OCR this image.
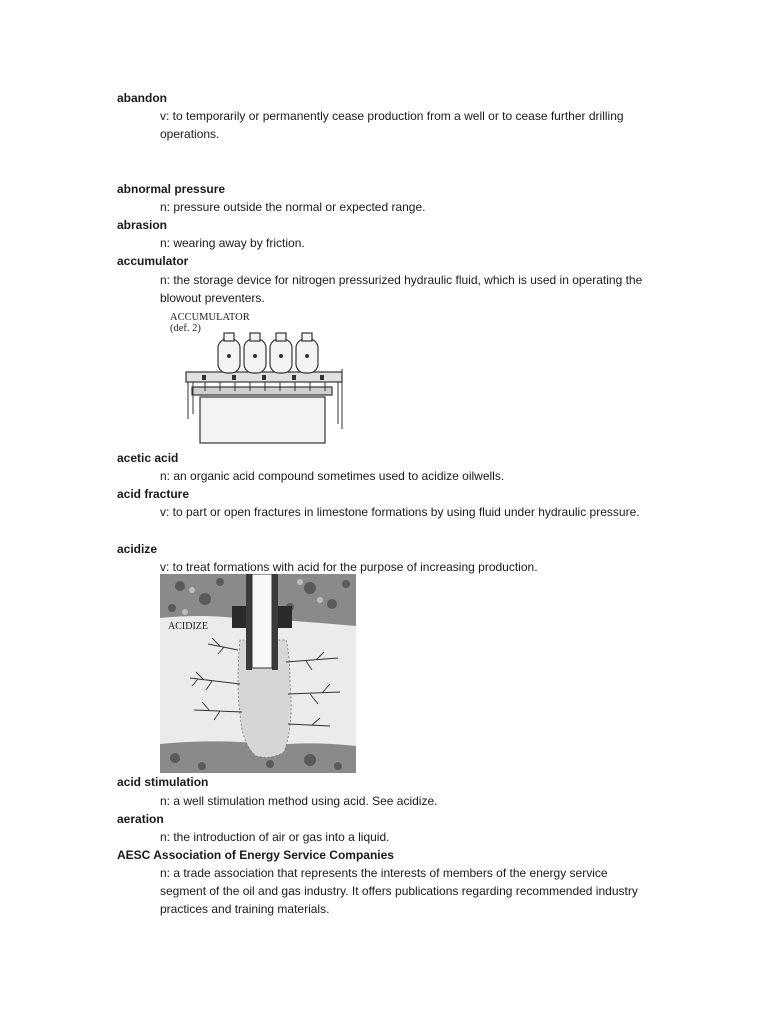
abandon
v: to temporarily or permanently cease production from a well or to cease further drilling operations.
abnormal pressure
n: pressure outside the normal or expected range.
abrasion
n: wearing away by friction.
accumulator
n: the storage device for nitrogen pressurized hydraulic fluid, which is used in operating the blowout preventers.
ACCUMULATOR
(def. 2)
acetic acid
n: an organic acid compound sometimes used to acidize oilwells.
acid fracture
v: to part or open fractures in limestone formations by using fluid under hydraulic pressure.
acidize
v: to treat formations with acid for the purpose of increasing production.
ACIDIZE
acid stimulation
n: a well stimulation method using acid. See acidize.
aeration
n: the introduction of air or gas into a liquid.
AESC Association of Energy Service Companies
n: a trade association that represents the interests of members of the energy service segment of the oil and gas industry. It offers publications regarding recommended industry practices and training materials.
